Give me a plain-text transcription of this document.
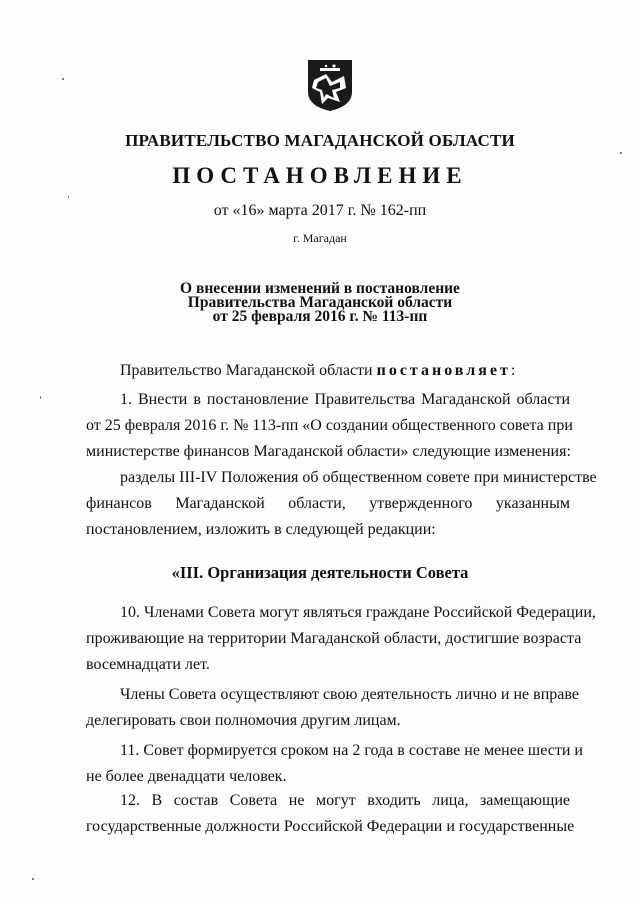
ПРАВИТЕЛЬСТВО МАГАДАНСКОЙ ОБЛАСТИ
ПОСТАНОВЛЕНИЕ
от «16» марта 2017 г. № 162-пп
г. Магадан
О внесении изменений в постановление
Правительства Магаданской области
от 25 февраля 2016 г. № 113-пп
Правительство Магаданской области постановляет:
1. Внести в постановление Правительства Магаданской области
от 25 февраля 2016 г. № 113-пп «О создании общественного совета при
министерстве финансов Магаданской области» следующие изменения:
разделы III-IV Положения об общественном совете при министерстве
финансов Магаданской области, утвержденного указанным
постановлением, изложить в следующей редакции:
«III. Организация деятельности Совета
10. Членами Совета могут являться граждане Российской Федерации,
проживающие на территории Магаданской области, достигшие возраста
восемнадцати лет.
Члены Совета осуществляют свою деятельность лично и не вправе
делегировать свои полномочия другим лицам.
11. Совет формируется сроком на 2 года в составе не менее шести и
не более двенадцати человек.
12. В состав Совета не могут входить лица, замещающие
государственные должности Российской Федерации и государственные
